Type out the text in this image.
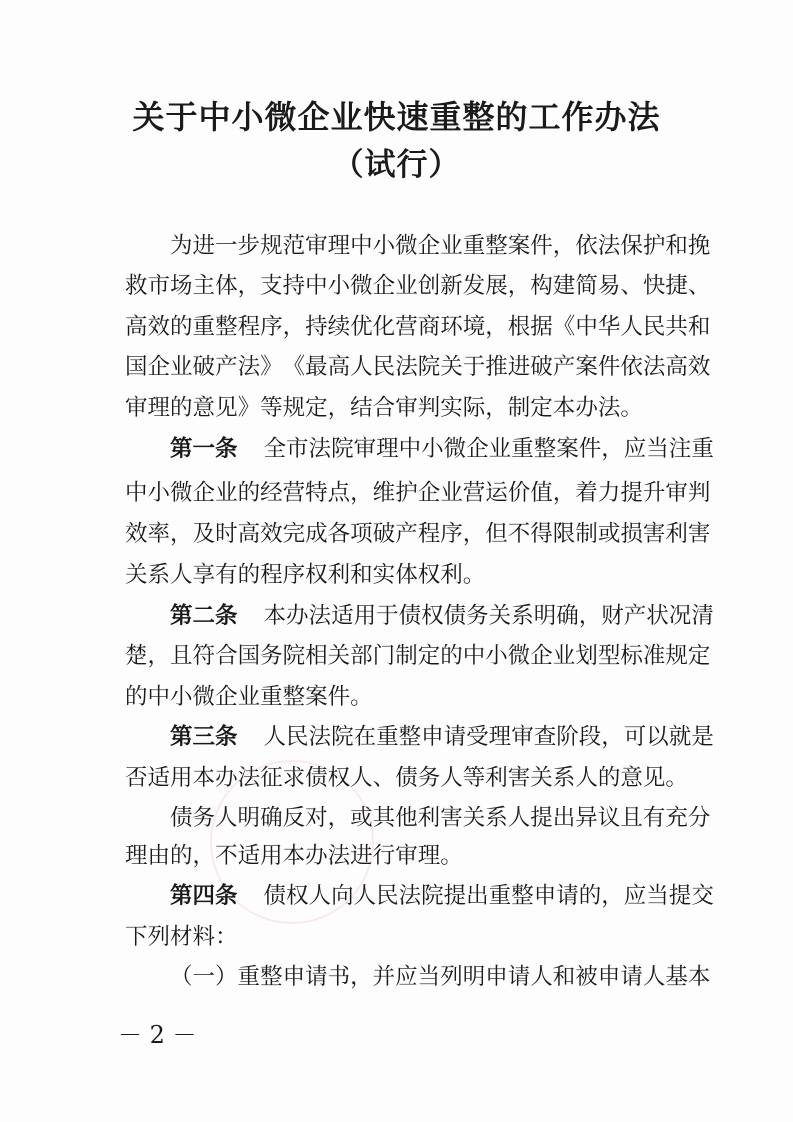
关于中小微企业快速重整的工作办法
（试行）
为 进 一 步 规 范 审 理 中 小 微 企 业 重 整 案 件 ， 依 法 保 护 和 挽
救 市 场 主 体 ， 支 持 中 小 微 企 业 创 新 发 展 ， 构 建 简 易 、 快 捷 、
高 效 的 重 整 程 序 ， 持 续 优 化 营 商 环 境 ， 根 据 《 中 华 人 民 共 和
国 企 业 破 产 法 》 《 最 高 人 民 法 院 关 于 推 进 破 产 案 件 依 法 高 效
审 理 的 意 见 》 等 规 定 ， 结 合 审 判 实 际 ， 制 定 本 办 法 。
第一条 全 市 法 院 审 理 中 小 微 企 业 重 整 案 件 ， 应 当 注 重
中 小 微 企 业 的 经 营 特 点 ， 维 护 企 业 营 运 价 值 ， 着 力 提 升 审 判
效 率 ， 及 时 高 效 完 成 各 项 破 产 程 序 ， 但 不 得 限 制 或 损 害 利 害
关 系 人 享 有 的 程 序 权 利 和 实 体 权 利 。
第二条 本 办 法 适 用 于 债 权 债 务 关 系 明 确 ， 财 产 状 况 清
楚 ， 且 符 合 国 务 院 相 关 部 门 制 定 的 中 小 微 企 业 划 型 标 准 规 定
的 中 小 微 企 业 重 整 案 件 。
第三条 人 民 法 院 在 重 整 申 请 受 理 审 查 阶 段 ， 可 以 就 是
否 适 用 本 办 法 征 求 债 权 人 、 债 务 人 等 利 害 关 系 人 的 意 见 。
债 务 人 明 确 反 对 ， 或 其 他 利 害 关 系 人 提 出 异 议 且 有 充 分
理 由 的 ， 不 适 用 本 办 法 进 行 审 理 。
第四条 债 权 人 向 人 民 法 院 提 出 重 整 申 请 的 ， 应 当 提 交
下 列 材 料 ：
（ 一 ） 重 整 申 请 书 ， 并 应 当 列 明 申 请 人 和 被 申 请 人 基 本
－ 2 －
